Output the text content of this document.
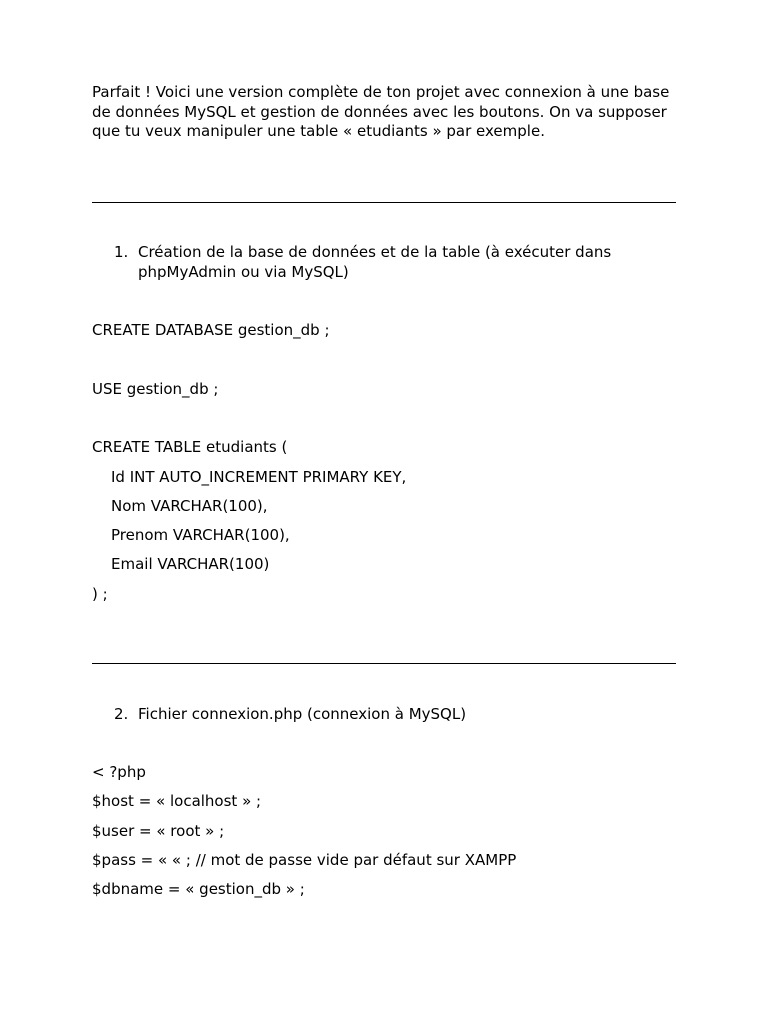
Parfait ! Voici une version complète de ton projet avec connexion à une base de données MySQL et gestion de données avec les boutons. On va supposer que tu veux manipuler une table « etudiants » par exemple.

1. Création de la base de données et de la table (à exécuter dans phpMyAdmin ou via MySQL)
CREATE DATABASE gestion_db ;
USE gestion_db ;
CREATE TABLE etudiants (
Id INT AUTO_INCREMENT PRIMARY KEY,
Nom VARCHAR(100),
Prenom VARCHAR(100),
Email VARCHAR(100)
) ;
2. Fichier connexion.php (connexion à MySQL)
< ?php
$host = « localhost » ;
$user = « root » ;
$pass = « « ; // mot de passe vide par défaut sur XAMPP
$dbname = « gestion_db » ;
